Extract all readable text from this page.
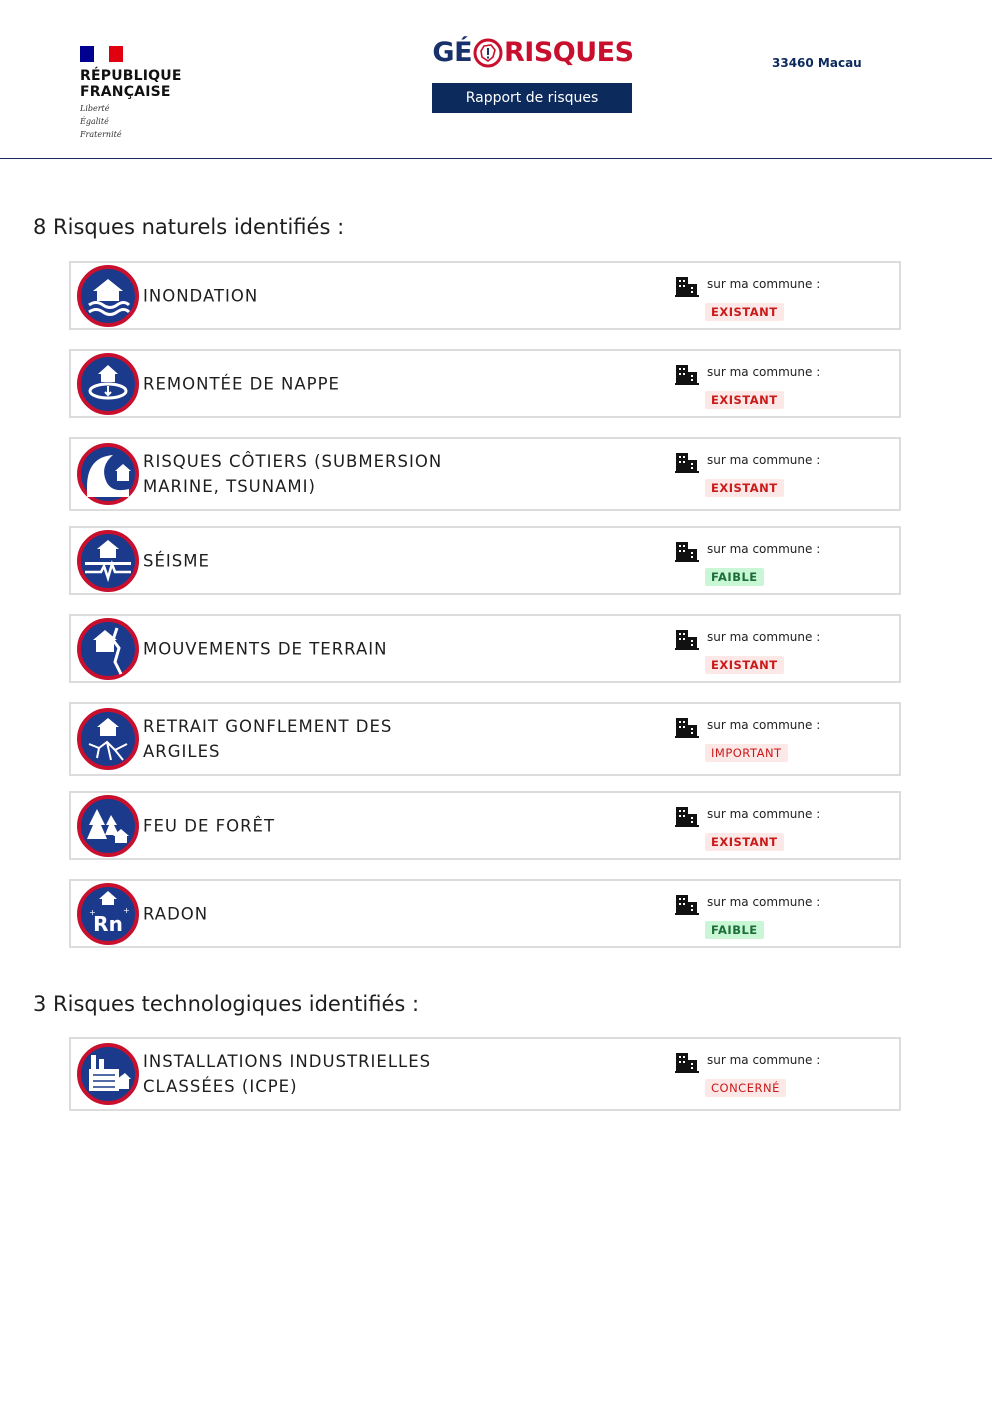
RÉPUBLIQUE
FRANÇAISE
Liberté
Égalité
Fraternité
GÉ RISQUES
Rapport de risques
33460 Macau
8 Risques naturels identifiés :
INONDATION
sur ma commune :
EXISTANT
REMONTÉE DE NAPPE
sur ma commune :
EXISTANT
RISQUES CÔTIERS (SUBMERSION MARINE, TSUNAMI)
sur ma commune :
EXISTANT
SÉISME
sur ma commune :
FAIBLE
MOUVEMENTS DE TERRAIN
sur ma commune :
EXISTANT
RETRAIT GONFLEMENT DES ARGILES
sur ma commune :
IMPORTANT
FEU DE FORÊT
sur ma commune :
EXISTANT
Rn
+	+ RADON
sur ma commune :
FAIBLE
3 Risques technologiques identifiés :
INSTALLATIONS INDUSTRIELLES CLASSÉES (ICPE)
sur ma commune :
CONCERNÉ
